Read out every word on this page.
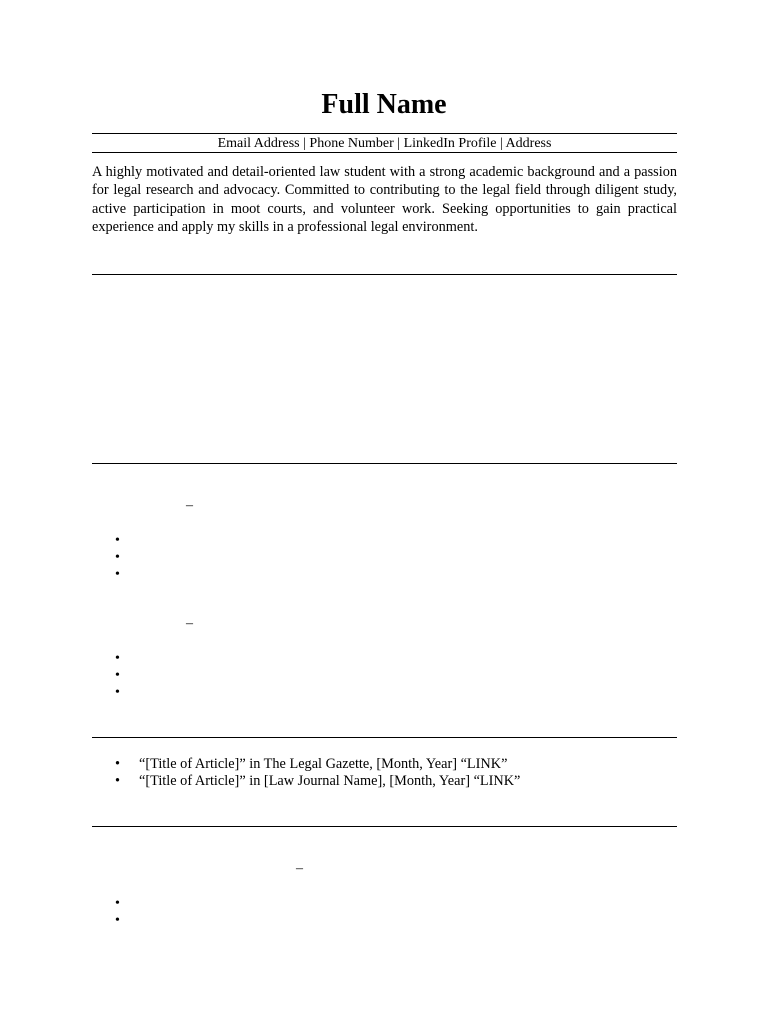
Full Name
Email Address | Phone Number | LinkedIn Profile | Address
A highly motivated and detail-oriented law student with a strong academic background and a passion for legal research and advocacy. Committed to contributing to the legal field through diligent study, active participation in moot courts, and volunteer work. Seeking opportunities to gain practical experience and apply my skills in a professional legal environment.
–
•
•
•
–
•
•
•
• “[Title of Article]” in The Legal Gazette, [Month, Year] “LINK”
• “[Title of Article]” in [Law Journal Name], [Month, Year] “LINK”
–
•
•
